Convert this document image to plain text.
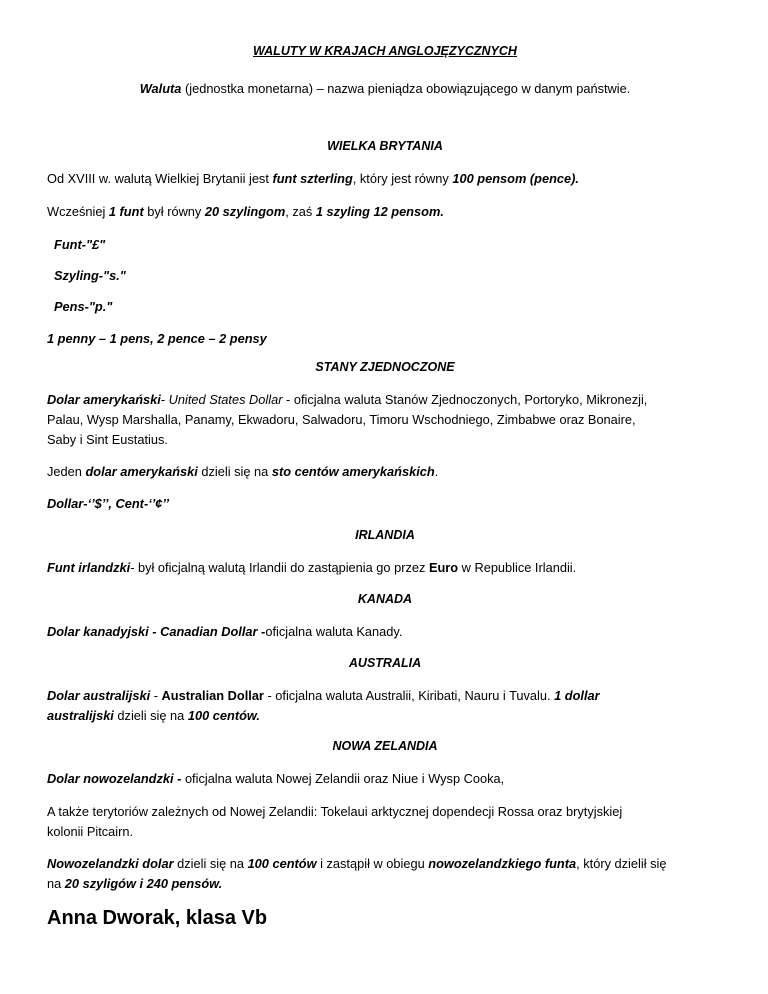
WALUTY W KRAJACH ANGLOJĘZYCZNYCH

Waluta (jednostka monetarna) – nazwa pieniądza obowiązującego w danym państwie.

WIELKA BRYTANIA

Od XVIII w. walutą Wielkiej Brytanii jest funt szterling, który jest równy 100 pensom (pence).

Wcześniej 1 funt był równy 20 szylingom, zaś 1 szyling 12 pensom.

Funt-"£"

Szyling-"s."

Pens-"p."

1 penny – 1 pens, 2 pence – 2 pensy

STANY ZJEDNOCZONE

Dolar amerykański- United States Dollar - oficjalna waluta Stanów Zjednoczonych, Portoryko, Mikronezji,

Palau, Wysp Marshalla, Panamy, Ekwadoru, Salwadoru, Timoru Wschodniego, Zimbabwe oraz Bonaire,

Saby i Sint Eustatius.

Jeden dolar amerykański dzieli się na sto centów amerykańskich.

Dollar-‘’$’’, Cent-‘’¢’’

IRLANDIA

Funt irlandzki- był oficjalną walutą Irlandii do zastąpienia go przez Euro w Republice Irlandii.

KANADA

Dolar kanadyjski - Canadian Dollar -oficjalna waluta Kanady.

AUSTRALIA

Dolar australijski - Australian Dollar - oficjalna waluta Australii, Kiribati, Nauru i Tuvalu. 1 dollar

australijski dzieli się na 100 centów.

NOWA ZELANDIA

Dolar nowozelandzki - oficjalna waluta Nowej Zelandii oraz Niue i Wysp Cooka,

A także terytoriów zależnych od Nowej Zelandii: Tokelaui arktycznej dopendecji Rossa oraz brytyjskiej

kolonii Pitcairn.

Nowozelandzki dolar dzieli się na 100 centów i zastąpił w obiegu nowozelandzkiego funta, który dzielił się

na 20 szyligów i 240 pensów.

Anna Dworak, klasa Vb
